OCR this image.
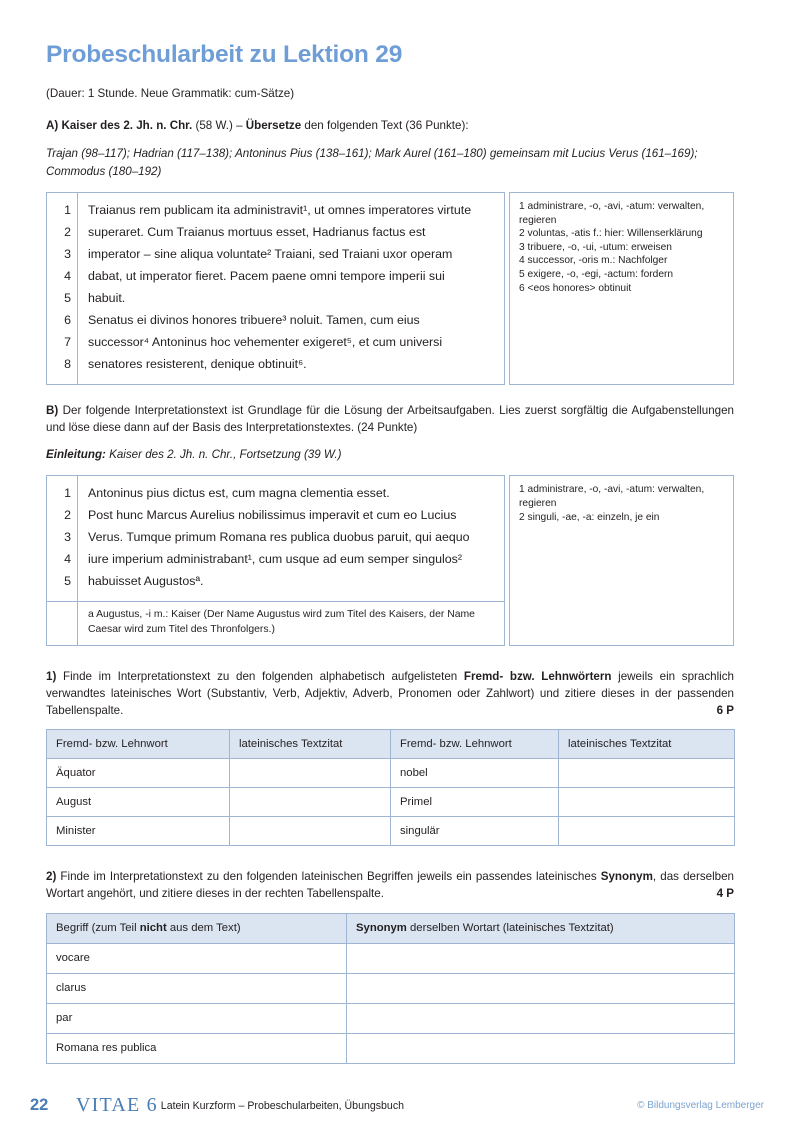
Probeschularbeit zu Lektion 29

(Dauer: 1 Stunde. Neue Grammatik: cum-Sätze)

A) Kaiser des 2. Jh. n. Chr. (58 W.) – Übersetze den folgenden Text (36 Punkte):

Trajan (98–117); Hadrian (117–138); Antoninus Pius (138–161); Mark Aurel (161–180) gemeinsam mit Lucius Verus (161–169); Commodus (180–192)

1
2
3
4
5
6
7
8
Traianus rem publicam ita administravit¹, ut omnes imperatores virtute
superaret. Cum Traianus mortuus esset, Hadrianus factus est
imperator – sine aliqua voluntate² Traiani, sed Traiani uxor operam
dabat, ut imperator fieret. Pacem paene omni tempore imperii sui
habuit.
Senatus ei divinos honores tribuere³ noluit. Tamen, cum eius
successor⁴ Antoninus hoc vehementer exigeret⁵, et cum universi
senatores resisterent, denique obtinuit⁶.
1 administrare, -o, -avi, -atum: verwalten, regieren
2 voluntas, -atis f.: hier: Willenserklärung
3 tribuere, -o, -ui, -utum: erweisen
4 successor, -oris m.: Nachfolger
5 exigere, -o, -egi, -actum: fordern
6 <eos honores> obtinuit

B) Der folgende Interpretationstext ist Grundlage für die Lösung der Arbeitsaufgaben. Lies zuerst sorgfältig die Aufgabenstellungen und löse diese dann auf der Basis des Interpretationstextes. (24 Punkte)

Einleitung: Kaiser des 2. Jh. n. Chr., Fortsetzung (39 W.)

1
2
3
4
5
Antoninus pius dictus est, cum magna clementia esset.
Post hunc Marcus Aurelius nobilissimus imperavit et cum eo Lucius
Verus. Tumque primum Romana res publica duobus paruit, qui aequo
iure imperium administrabant¹, cum usque ad eum semper singulos²
habuisset Augustosª.
a Augustus, -i m.: Kaiser (Der Name Augustus wird zum Titel des Kaisers, der Name Caesar wird zum Titel des Thronfolgers.)
1 administrare, -o, -avi, -atum: verwalten, regieren
2 singuli, -ae, -a: einzeln, je ein

1) Finde im Interpretationstext zu den folgenden alphabetisch aufgelisteten Fremd- bzw. Lehnwörtern jeweils ein sprachlich verwandtes lateinisches Wort (Substantiv, Verb, Adjektiv, Adverb, Pronomen oder Zahlwort) und zitiere dieses in der passenden Tabellenspalte.	6 P

Fremd- bzw. Lehnwort	lateinisches Textzitat	Fremd- bzw. Lehnwort	lateinisches Textzitat
Äquator		nobel	
August		Primel	
Minister		singulär	

2) Finde im Interpretationstext zu den folgenden lateinischen Begriffen jeweils ein passendes lateinisches Synonym, das derselben Wortart angehört, und zitiere dieses in der rechten Tabellenspalte.	4 P

Begriff (zum Teil nicht aus dem Text)	Synonym derselben Wortart (lateinisches Textzitat)
vocare	
clarus	
par	
Romana res publica	
22 VITAE 6 Latein Kurzform – Probeschularbeiten, Übungsbuch	© Bildungsverlag Lemberger
